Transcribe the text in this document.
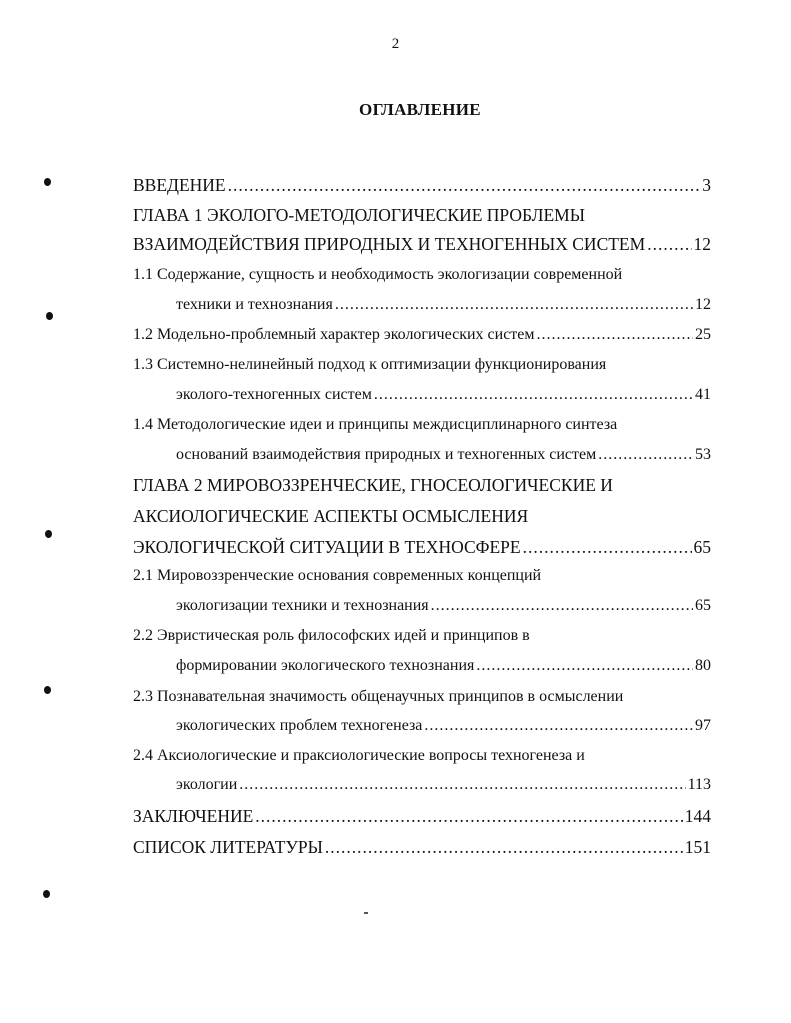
2
ОГЛАВЛЕНИЕ
ВВЕДЕНИЕ .....	3
ГЛАВА 1 ЭКОЛОГО-МЕТОДОЛОГИЧЕСКИЕ ПРОБЛЕМЫ
ВЗАИМОДЕЙСТВИЯ ПРИРОДНЫХ И ТЕХНОГЕННЫХ СИСТЕМ .....	12
1.1 Содержание, сущность и необходимость экологизации современной
техники и технознания .....	12
1.2 Модельно-проблемный характер экологических систем .....	25
1.3 Системно-нелинейный подход к оптимизации функционирования
эколого-техногенных систем .....	41
1.4 Методологические идеи и принципы междисциплинарного синтеза
оснований взаимодействия природных и техногенных систем .....	53
ГЛАВА 2 МИРОВОЗЗРЕНЧЕСКИЕ, ГНОСЕОЛОГИЧЕСКИЕ И
АКСИОЛОГИЧЕСКИЕ АСПЕКТЫ ОСМЫСЛЕНИЯ
ЭКОЛОГИЧЕСКОЙ СИТУАЦИИ В ТЕХНОСФЕРЕ .....	65
2.1 Мировоззренческие основания современных концепций
экологизации техники и технознания .....	65
2.2 Эвристическая роль философских идей и принципов в
формировании экологического технознания .....	80
2.3 Познавательная значимость общенаучных принципов в осмыслении
экологических проблем техногенеза .....	97
2.4 Аксиологические и праксиологические вопросы техногенеза и
экологии .....	113
ЗАКЛЮЧЕНИЕ .....	144
СПИСОК ЛИТЕРАТУРЫ .....	151
